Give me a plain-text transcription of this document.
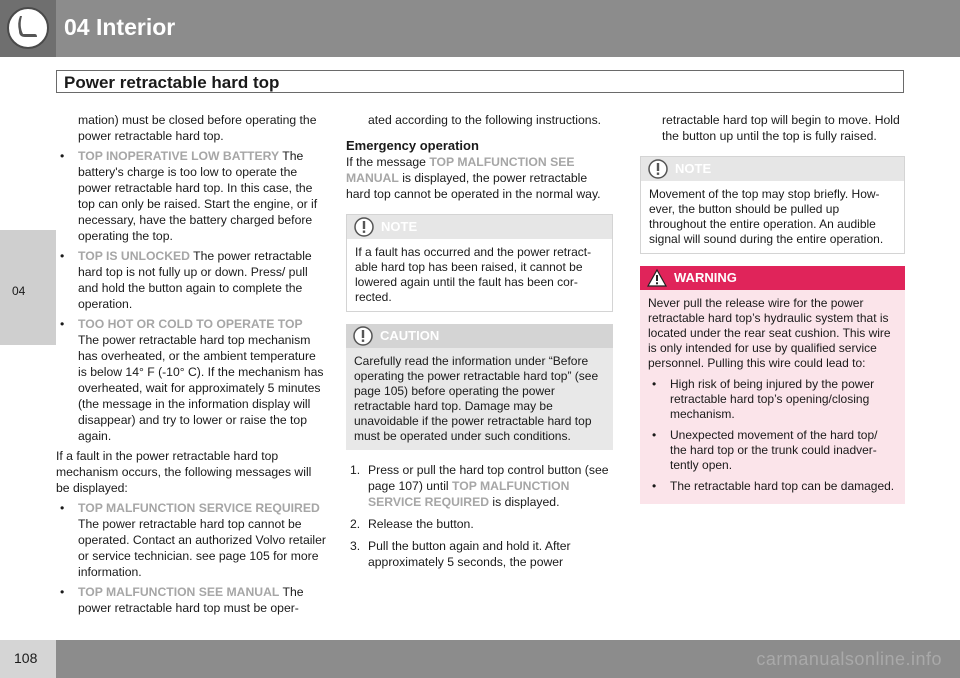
04 Interior
Power retractable hard top
04
mation) must be closed before operating the power retractable hard top.
• TOP INOPERATIVE LOW BATTERY The battery's charge is too low to operate the power retractable hard top. In this case, the top can only be raised. Start the engine, or if necessary, have the battery charged before operating the top.
• TOP IS UNLOCKED The power retractable hard top is not fully up or down. Press/ pull and hold the button again to complete the operation.
• TOO HOT OR COLD TO OPERATE TOP The power retractable hard top mechanism has overheated, or the ambient temperature is below 14° F (-10° C). If the mechanism has overheated, wait for approximately 5 minutes (the message in the information display will disappear) and try to lower or raise the top again.
If a fault in the power retractable hard top mechanism occurs, the following messages will be displayed:
• TOP MALFUNCTION SERVICE REQUIRED The power retractable hard top cannot be operated. Contact an authorized Volvo retailer or service technician. see page 105 for more information.
• TOP MALFUNCTION SEE MANUAL The power retractable hard top must be oper-
ated according to the following instructions.
Emergency operation
If the message TOP MALFUNCTION SEE MANUAL is displayed, the power retractable hard top cannot be operated in the normal way.
NOTE
If a fault has occurred and the power retractable hard top has been raised, it cannot be lowered again until the fault has been corrected.
CAUTION
Carefully read the information under “Before operating the power retractable hard top” (see page 105) before operating the power retractable hard top. Damage may be unavoidable if the power retractable hard top must be operated under such conditions.
1. Press or pull the hard top control button (see page 107) until TOP MALFUNCTION SERVICE REQUIRED is displayed.
2. Release the button.
3. Pull the button again and hold it. After approximately 5 seconds, the power
retractable hard top will begin to move. Hold the button up until the top is fully raised.
NOTE
Movement of the top may stop briefly. However, the button should be pulled up throughout the entire operation. An audible signal will sound during the entire operation.
WARNING
Never pull the release wire for the power retractable hard top’s hydraulic system that is located under the rear seat cushion. This wire is only intended for use by qualified service personnel. Pulling this wire could lead to:
• High risk of being injured by the power retractable hard top’s opening/closing mechanism.
• Unexpected movement of the hard top/ the hard top or the trunk could inadvertently open.
• The retractable hard top can be damaged.
108	carmanualsonline.info
